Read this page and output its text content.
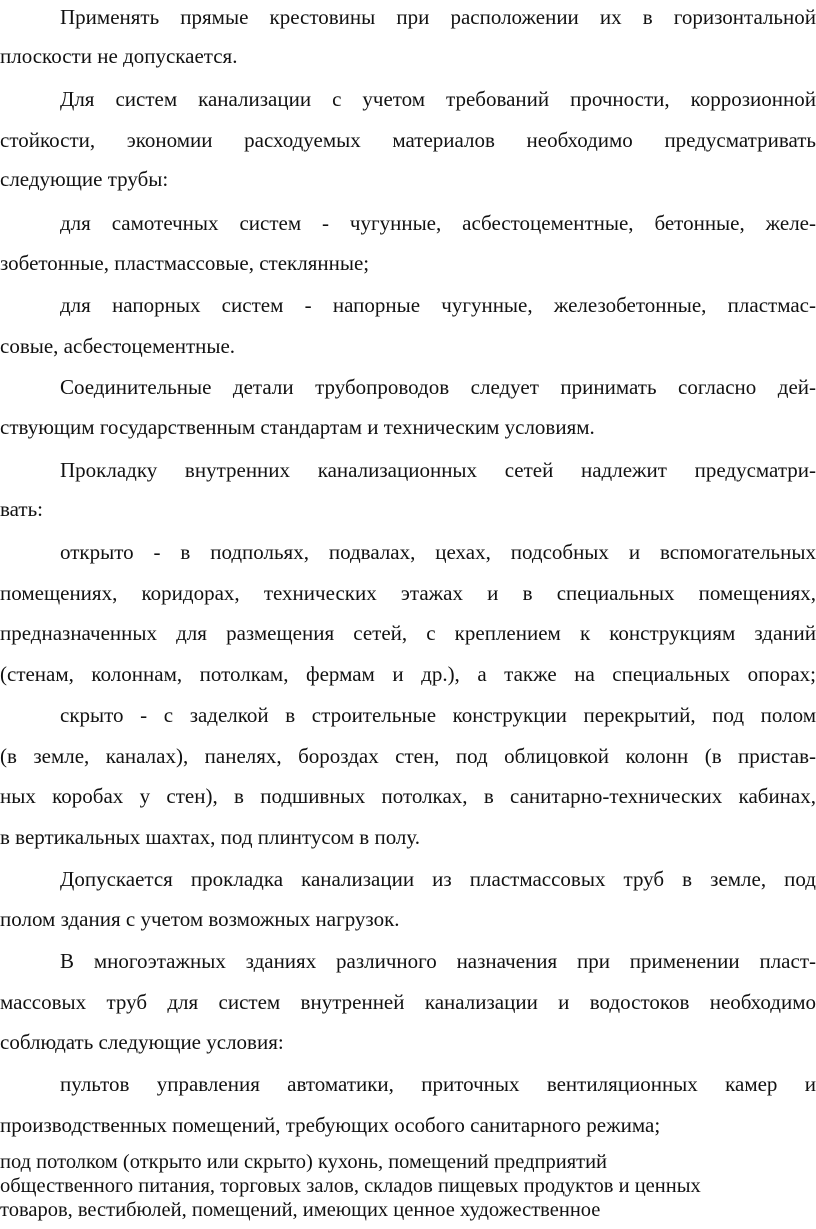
Применять прямые крестовины при расположении их в горизонтальной
плоскости не допускается.
Для систем канализации с учетом требований прочности, коррозионной
стойкости, экономии расходуемых материалов необходимо предусматривать
следующие трубы:
для самотечных систем - чугунные, асбестоцементные, бетонные, желе-
зобетонные, пластмассовые, стеклянные;
для напорных систем - напорные чугунные, железобетонные, пластмас-
совые, асбестоцементные.
Соединительные детали трубопроводов следует принимать согласно дей-
ствующим государственным стандартам и техническим условиям.
Прокладку внутренних канализационных сетей надлежит предусматри-
вать:
открыто - в подпольях, подвалах, цехах, подсобных и вспомогательных
помещениях, коридорах, технических этажах и в специальных помещениях,
предназначенных для размещения сетей, с креплением к конструкциям зданий
(стенам, колоннам, потолкам, фермам и др.), а также на специальных опорах;
скрыто - с заделкой в строительные конструкции перекрытий, под полом
(в земле, каналах), панелях, бороздах стен, под облицовкой колонн (в пристав-
ных коробах у стен), в подшивных потолках, в санитарно-технических кабинах,
в вертикальных шахтах, под плинтусом в полу.
Допускается прокладка канализации из пластмассовых труб в земле, под
полом здания с учетом возможных нагрузок.
В многоэтажных зданиях различного назначения при применении пласт-
массовых труб для систем внутренней канализации и водостоков необходимо
соблюдать следующие условия:
пультов управления автоматики, приточных вентиляционных камер и
производственных помещений, требующих особого санитарного режима;
под потолком (открыто или скрыто) кухонь, помещений предприятий
общественного питания, торговых залов, складов пищевых продуктов и ценных
товаров, вестибюлей, помещений, имеющих ценное художественное
